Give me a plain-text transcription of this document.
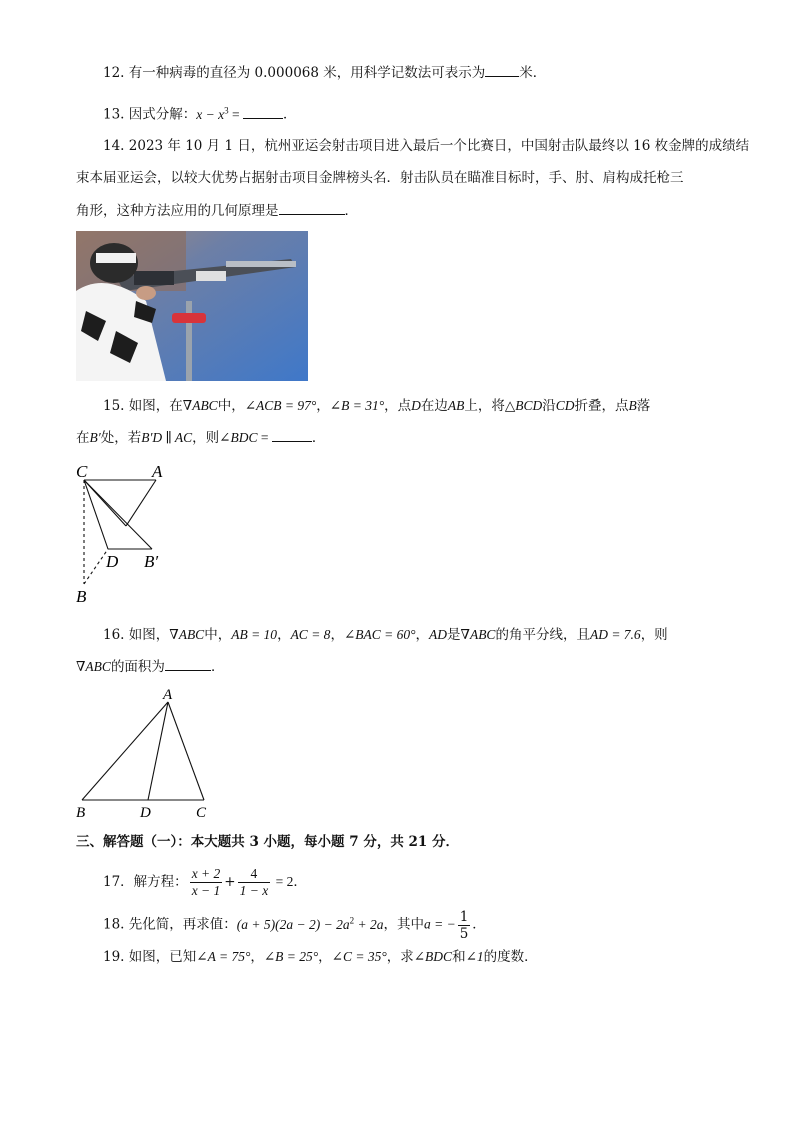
12. 有一种病毒的直径为 0.000068 米，用科学记数法可表示为	米．
13. 因式分解：$x - x^3$ =	．
14. 2023 年 10 月 1 日，杭州亚运会射击项目进入最后一个比赛日，中国射击队最终以 16 枚金牌的成绩结
束本届亚运会，以较大优势占据射击项目金牌榜头名．射击队员在瞄准目标时，手、肘、肩构成托枪三
角形，这种方法应用的几何原理是	．
15. 如图，在∇ABC中，∠ACB = 97°，∠B = 31°，点D在边AB上，将△BCD沿CD折叠，点B落
在B′处，若B′D ∥ AC，则∠BDC =	．
C	A
D B′
B
16. 如图，∇ABC中，AB = 10，AC = 8，∠BAC = 60°，AD是∇ABC的角平分线，且AD = 7.6，则
∇ABC的面积为	．
A
B	D	C
三、解答题（一）：本大题共 3 小题，每小题 7 分，共 21 分．
17．解方程： $\frac{x + 2}{x - 1} + \frac{4}{1 - x} = 2$．
18. 先化简，再求值：$(a + 5)(2a - 2) - 2a^2 + 2a$，其中a = − $\frac{1}{5}$ ．
19. 如图，已知∠A = 75°，∠B = 25°，∠C = 35°，求∠BDC和∠1的度数．
